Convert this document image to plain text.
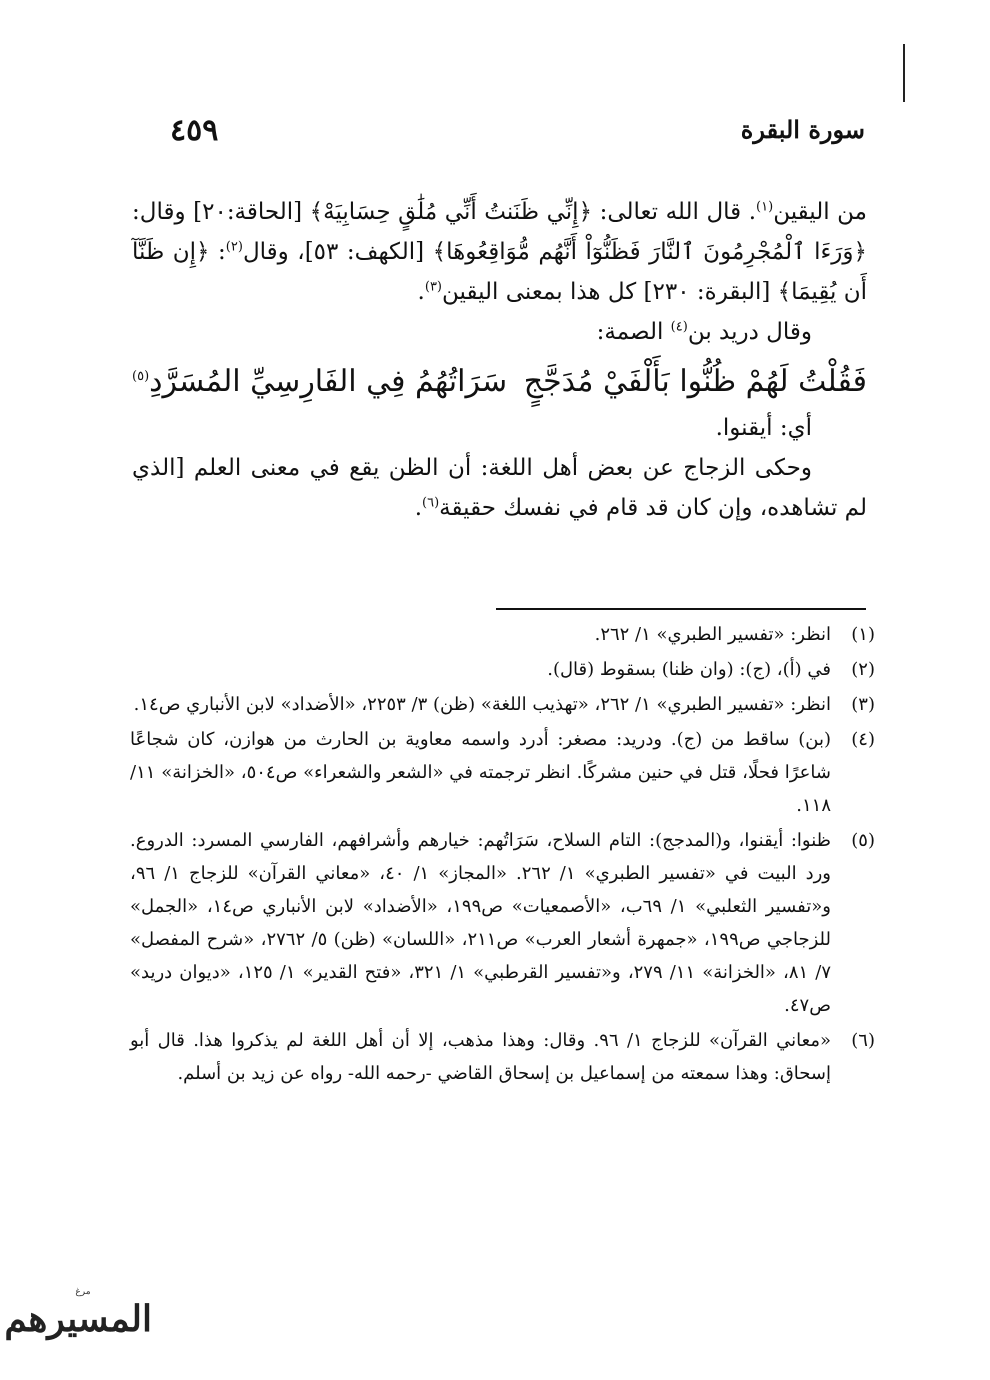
٤٥٩	سورة البقرة

من اليقين$^{(١)}$. قال الله تعالى: ﴿إِنِّي ظَنَنتُ أَنِّي مُلَٰقٍ حِسَابِيَهْ﴾ [الحاقة:٢٠] وقال: ﴿وَرَءَا ٱلْمُجْرِمُونَ ٱلنَّارَ فَظَنُّوٓاْ أَنَّهُم مُّوَاقِعُوهَا﴾ [الكهف: ٥٣]، وقال$^{(٢)}$: ﴿إِن ظَنَّآ أَن يُقِيمَا﴾ [البقرة: ٢٣٠] كل هذا بمعنى اليقين$^{(٣)}$.

وقال دريد بن$^{(٤)}$ الصمة:

فَقُلْتُ لَهُمْ ظُنُّوا بَأَلْفَيْ مُدَجَّجٍ
سَرَاتُهُمُ فِي الفَارِسِيِّ المُسَرَّدِ$^{(٥)}$

أي: أيقنوا.

وحكى الزجاج عن بعض أهل اللغة: أن الظن يقع في معنى العلم [الذي لم تشاهده، وإن كان قد قام في نفسك حقيقة$^{(٦)}$.

(١)

انظر: «تفسير الطبري» ١/ ٢٦٢.

(٢)

في (أ)، (ج): (وان ظنا) بسقوط (قال).

(٣)

انظر: «تفسير الطبري» ١/ ٢٦٢، «تهذيب اللغة» (ظن) ٣/ ٢٢٥٣، «الأضداد» لابن الأنباري ص١٤.

(٤)

(بن) ساقط من (ج). ودريد: مصغر: أدرد واسمه معاوية بن الحارث من هوازن، كان شجاعًا شاعرًا فحلًا، قتل في حنين مشركًا. انظر ترجمته في «الشعر والشعراء» ص٥٠٤، «الخزانة» ١١/ ١١٨.

(٥)

ظنوا: أيقنوا، و(المدجج): التام السلاح، سَرَاتُهم: خيارهم وأشرافهم، الفارسي المسرد: الدروع. ورد البيت في «تفسير الطبري» ١/ ٢٦٢. «المجاز» ١/ ٤٠، «معاني القرآن» للزجاج ١/ ٩٦، و«تفسير الثعلبي» ١/ ٦٩ب، «الأصمعيات» ص١٩٩، «الأضداد» لابن الأنباري ص١٤، «الجمل» للزجاجي ص١٩٩، «جمهرة أشعار العرب» ص٢١١، «اللسان» (ظن) ٥/ ٢٧٦٢، «شرح المفصل» ٧/ ٨١، «الخزانة» ١١/ ٢٧٩، و«تفسير القرطبي» ١/ ٣٢١، «فتح القدير» ١/ ١٢٥، «ديوان دريد» ص٤٧.

(٦)

«معاني القرآن» للزجاج ١/ ٩٦. وقال: وهذا مذهب، إلا أن أهل اللغة لم يذكروا هذا. قال أبو إسحاق: وهذا سمعته من إسماعيل بن إسحاق القاضي -رحمه الله- رواه عن زيد بن أسلم.

مرغ
المسيرهم
